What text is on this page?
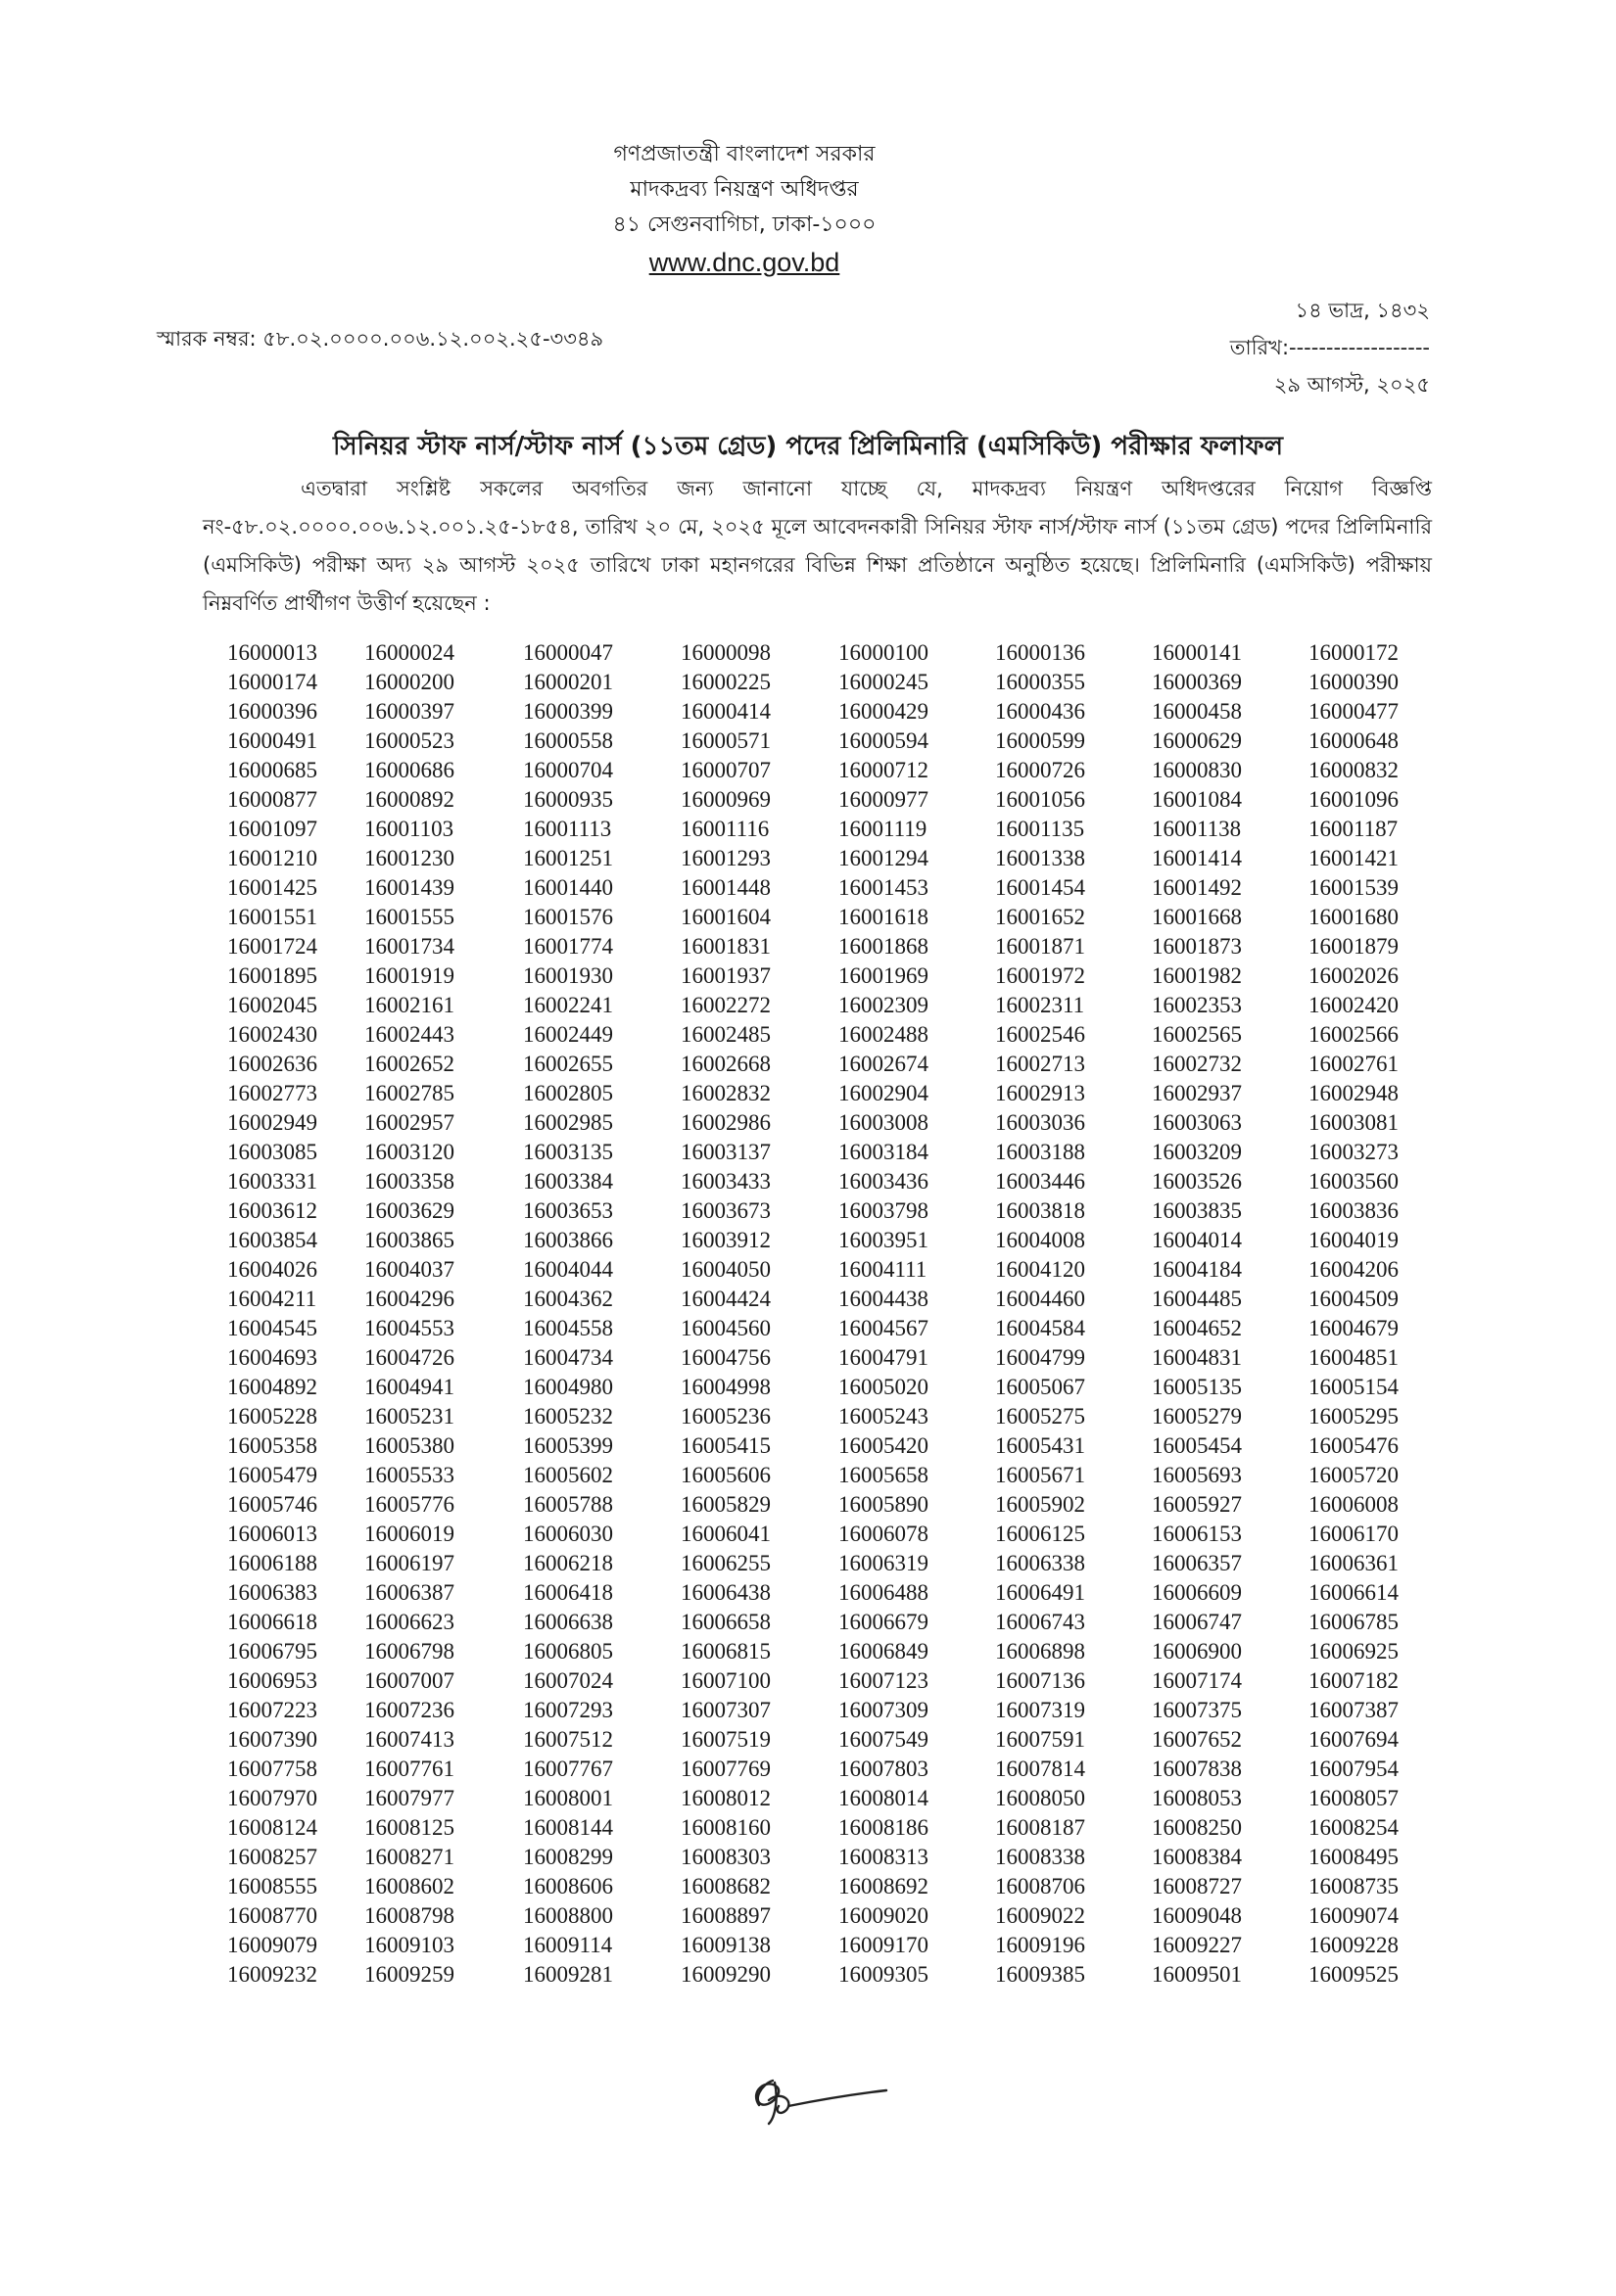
গণপ্রজাতন্ত্রী বাংলাদেশ সরকার
মাদকদ্রব্য নিয়ন্ত্রণ অধিদপ্তর
৪১ সেগুনবাগিচা, ঢাকা-১০০০
www.dnc.gov.bd
স্মারক নম্বর: ৫৮.০২.০০০০.০০৬.১২.০০২.২৫-৩৩৪৯
১৪ ভাদ্র, ১৪৩২
তারিখ:-------------------
২৯ আগস্ট, ২০২৫
সিনিয়র স্টাফ নার্স/স্টাফ নার্স (১১তম গ্রেড) পদের প্রিলিমিনারি (এমসিকিউ) পরীক্ষার ফলাফল
এতদ্বারা সংশ্লিষ্ট সকলের অবগতির জন্য জানানো যাচ্ছে যে, মাদকদ্রব্য নিয়ন্ত্রণ অধিদপ্তরের নিয়োগ বিজ্ঞপ্তি নং-৫৮.০২.০০০০.০০৬.১২.০০১.২৫-১৮৫৪, তারিখ ২০ মে, ২০২৫ মূলে আবেদনকারী সিনিয়র স্টাফ নার্স/স্টাফ নার্স (১১তম গ্রেড) পদের প্রিলিমিনারি (এমসিকিউ) পরীক্ষা অদ্য ২৯ আগস্ট ২০২৫ তারিখে ঢাকা মহানগরের বিভিন্ন শিক্ষা প্রতিষ্ঠানে অনুষ্ঠিত হয়েছে। প্রিলিমিনারি (এমসিকিউ) পরীক্ষায় নিম্নবর্ণিত প্রার্থীগণ উত্তীর্ণ হয়েছেন :
16000013	16000024	16000047	16000098	16000100	16000136	16000141	16000172
16000174	16000200	16000201	16000225	16000245	16000355	16000369	16000390
16000396	16000397	16000399	16000414	16000429	16000436	16000458	16000477
16000491	16000523	16000558	16000571	16000594	16000599	16000629	16000648
16000685	16000686	16000704	16000707	16000712	16000726	16000830	16000832
16000877	16000892	16000935	16000969	16000977	16001056	16001084	16001096
16001097	16001103	16001113	16001116	16001119	16001135	16001138	16001187
16001210	16001230	16001251	16001293	16001294	16001338	16001414	16001421
16001425	16001439	16001440	16001448	16001453	16001454	16001492	16001539
16001551	16001555	16001576	16001604	16001618	16001652	16001668	16001680
16001724	16001734	16001774	16001831	16001868	16001871	16001873	16001879
16001895	16001919	16001930	16001937	16001969	16001972	16001982	16002026
16002045	16002161	16002241	16002272	16002309	16002311	16002353	16002420
16002430	16002443	16002449	16002485	16002488	16002546	16002565	16002566
16002636	16002652	16002655	16002668	16002674	16002713	16002732	16002761
16002773	16002785	16002805	16002832	16002904	16002913	16002937	16002948
16002949	16002957	16002985	16002986	16003008	16003036	16003063	16003081
16003085	16003120	16003135	16003137	16003184	16003188	16003209	16003273
16003331	16003358	16003384	16003433	16003436	16003446	16003526	16003560
16003612	16003629	16003653	16003673	16003798	16003818	16003835	16003836
16003854	16003865	16003866	16003912	16003951	16004008	16004014	16004019
16004026	16004037	16004044	16004050	16004111	16004120	16004184	16004206
16004211	16004296	16004362	16004424	16004438	16004460	16004485	16004509
16004545	16004553	16004558	16004560	16004567	16004584	16004652	16004679
16004693	16004726	16004734	16004756	16004791	16004799	16004831	16004851
16004892	16004941	16004980	16004998	16005020	16005067	16005135	16005154
16005228	16005231	16005232	16005236	16005243	16005275	16005279	16005295
16005358	16005380	16005399	16005415	16005420	16005431	16005454	16005476
16005479	16005533	16005602	16005606	16005658	16005671	16005693	16005720
16005746	16005776	16005788	16005829	16005890	16005902	16005927	16006008
16006013	16006019	16006030	16006041	16006078	16006125	16006153	16006170
16006188	16006197	16006218	16006255	16006319	16006338	16006357	16006361
16006383	16006387	16006418	16006438	16006488	16006491	16006609	16006614
16006618	16006623	16006638	16006658	16006679	16006743	16006747	16006785
16006795	16006798	16006805	16006815	16006849	16006898	16006900	16006925
16006953	16007007	16007024	16007100	16007123	16007136	16007174	16007182
16007223	16007236	16007293	16007307	16007309	16007319	16007375	16007387
16007390	16007413	16007512	16007519	16007549	16007591	16007652	16007694
16007758	16007761	16007767	16007769	16007803	16007814	16007838	16007954
16007970	16007977	16008001	16008012	16008014	16008050	16008053	16008057
16008124	16008125	16008144	16008160	16008186	16008187	16008250	16008254
16008257	16008271	16008299	16008303	16008313	16008338	16008384	16008495
16008555	16008602	16008606	16008682	16008692	16008706	16008727	16008735
16008770	16008798	16008800	16008897	16009020	16009022	16009048	16009074
16009079	16009103	16009114	16009138	16009170	16009196	16009227	16009228
16009232	16009259	16009281	16009290	16009305	16009385	16009501	16009525
